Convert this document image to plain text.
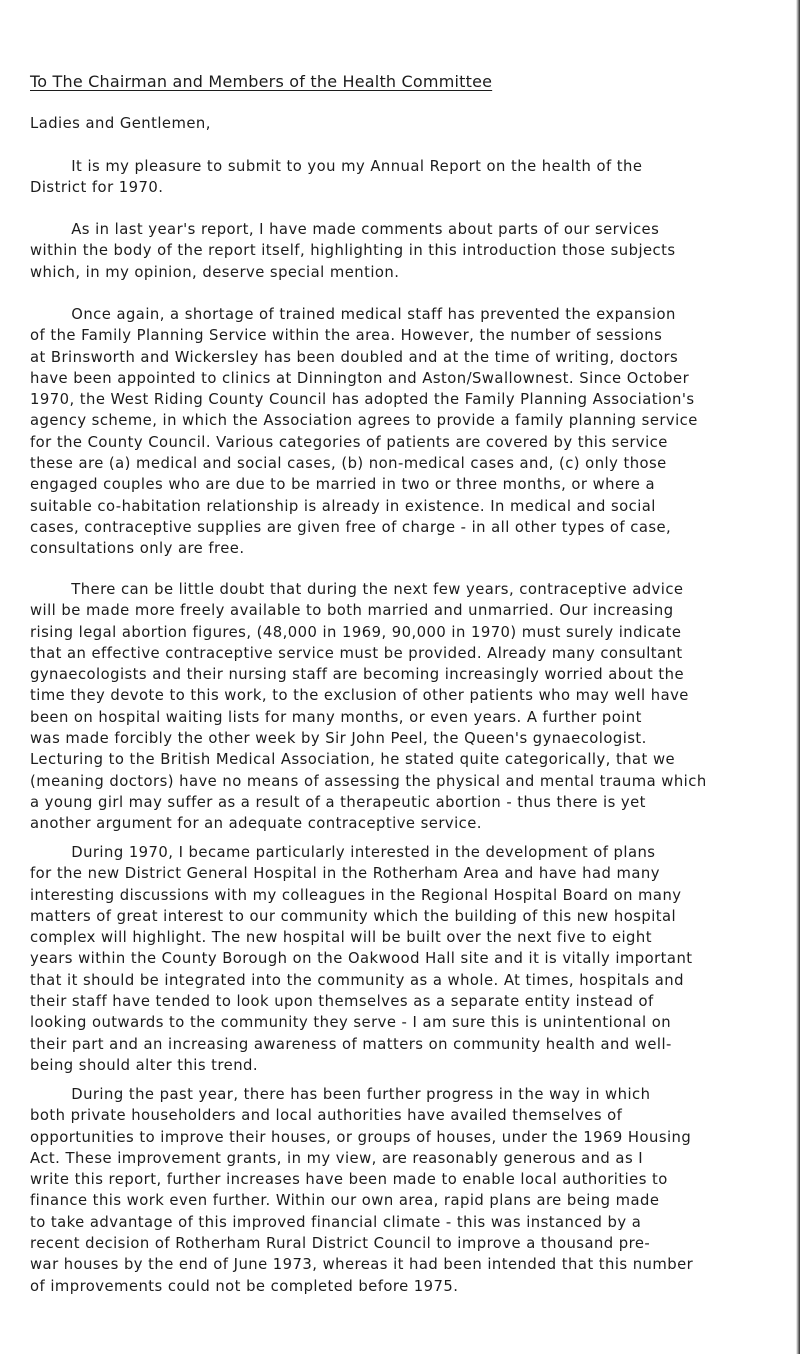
To The Chairman and Members of the Health Committee
Ladies and Gentlemen,
It is my pleasure to submit to you my Annual Report on the health of the
District for 1970.
As in last year's report, I have made comments about parts of our services
within the body of the report itself, highlighting in this introduction those subjects
which, in my opinion, deserve special mention.
Once again, a shortage of trained medical staff has prevented the expansion
of the Family Planning Service within the area. However, the number of sessions
at Brinsworth and Wickersley has been doubled and at the time of writing, doctors
have been appointed to clinics at Dinnington and Aston/Swallownest. Since October
1970, the West Riding County Council has adopted the Family Planning Association's
agency scheme, in which the Association agrees to provide a family planning service
for the County Council. Various categories of patients are covered by this service
these are (a) medical and social cases, (b) non-medical cases and, (c) only those
engaged couples who are due to be married in two or three months, or where a
suitable co-habitation relationship is already in existence. In medical and social
cases, contraceptive supplies are given free of charge - in all other types of case,
consultations only are free.
There can be little doubt that during the next few years, contraceptive advice
will be made more freely available to both married and unmarried. Our increasing
rising legal abortion figures, (48,000 in 1969, 90,000 in 1970) must surely indicate
that an effective contraceptive service must be provided. Already many consultant
gynaecologists and their nursing staff are becoming increasingly worried about the
time they devote to this work, to the exclusion of other patients who may well have
been on hospital waiting lists for many months, or even years. A further point
was made forcibly the other week by Sir John Peel, the Queen's gynaecologist.
Lecturing to the British Medical Association, he stated quite categorically, that we
(meaning doctors) have no means of assessing the physical and mental trauma which
a young girl may suffer as a result of a therapeutic abortion - thus there is yet
another argument for an adequate contraceptive service.
During 1970, I became particularly interested in the development of plans
for the new District General Hospital in the Rotherham Area and have had many
interesting discussions with my colleagues in the Regional Hospital Board on many
matters of great interest to our community which the building of this new hospital
complex will highlight. The new hospital will be built over the next five to eight
years within the County Borough on the Oakwood Hall site and it is vitally important
that it should be integrated into the community as a whole. At times, hospitals and
their staff have tended to look upon themselves as a separate entity instead of
looking outwards to the community they serve - I am sure this is unintentional on
their part and an increasing awareness of matters on community health and well-
being should alter this trend.
During the past year, there has been further progress in the way in which
both private householders and local authorities have availed themselves of
opportunities to improve their houses, or groups of houses, under the 1969 Housing
Act. These improvement grants, in my view, are reasonably generous and as I
write this report, further increases have been made to enable local authorities to
finance this work even further. Within our own area, rapid plans are being made
to take advantage of this improved financial climate - this was instanced by a
recent decision of Rotherham Rural District Council to improve a thousand pre-
war houses by the end of June 1973, whereas it had been intended that this number
of improvements could not be completed before 1975.
